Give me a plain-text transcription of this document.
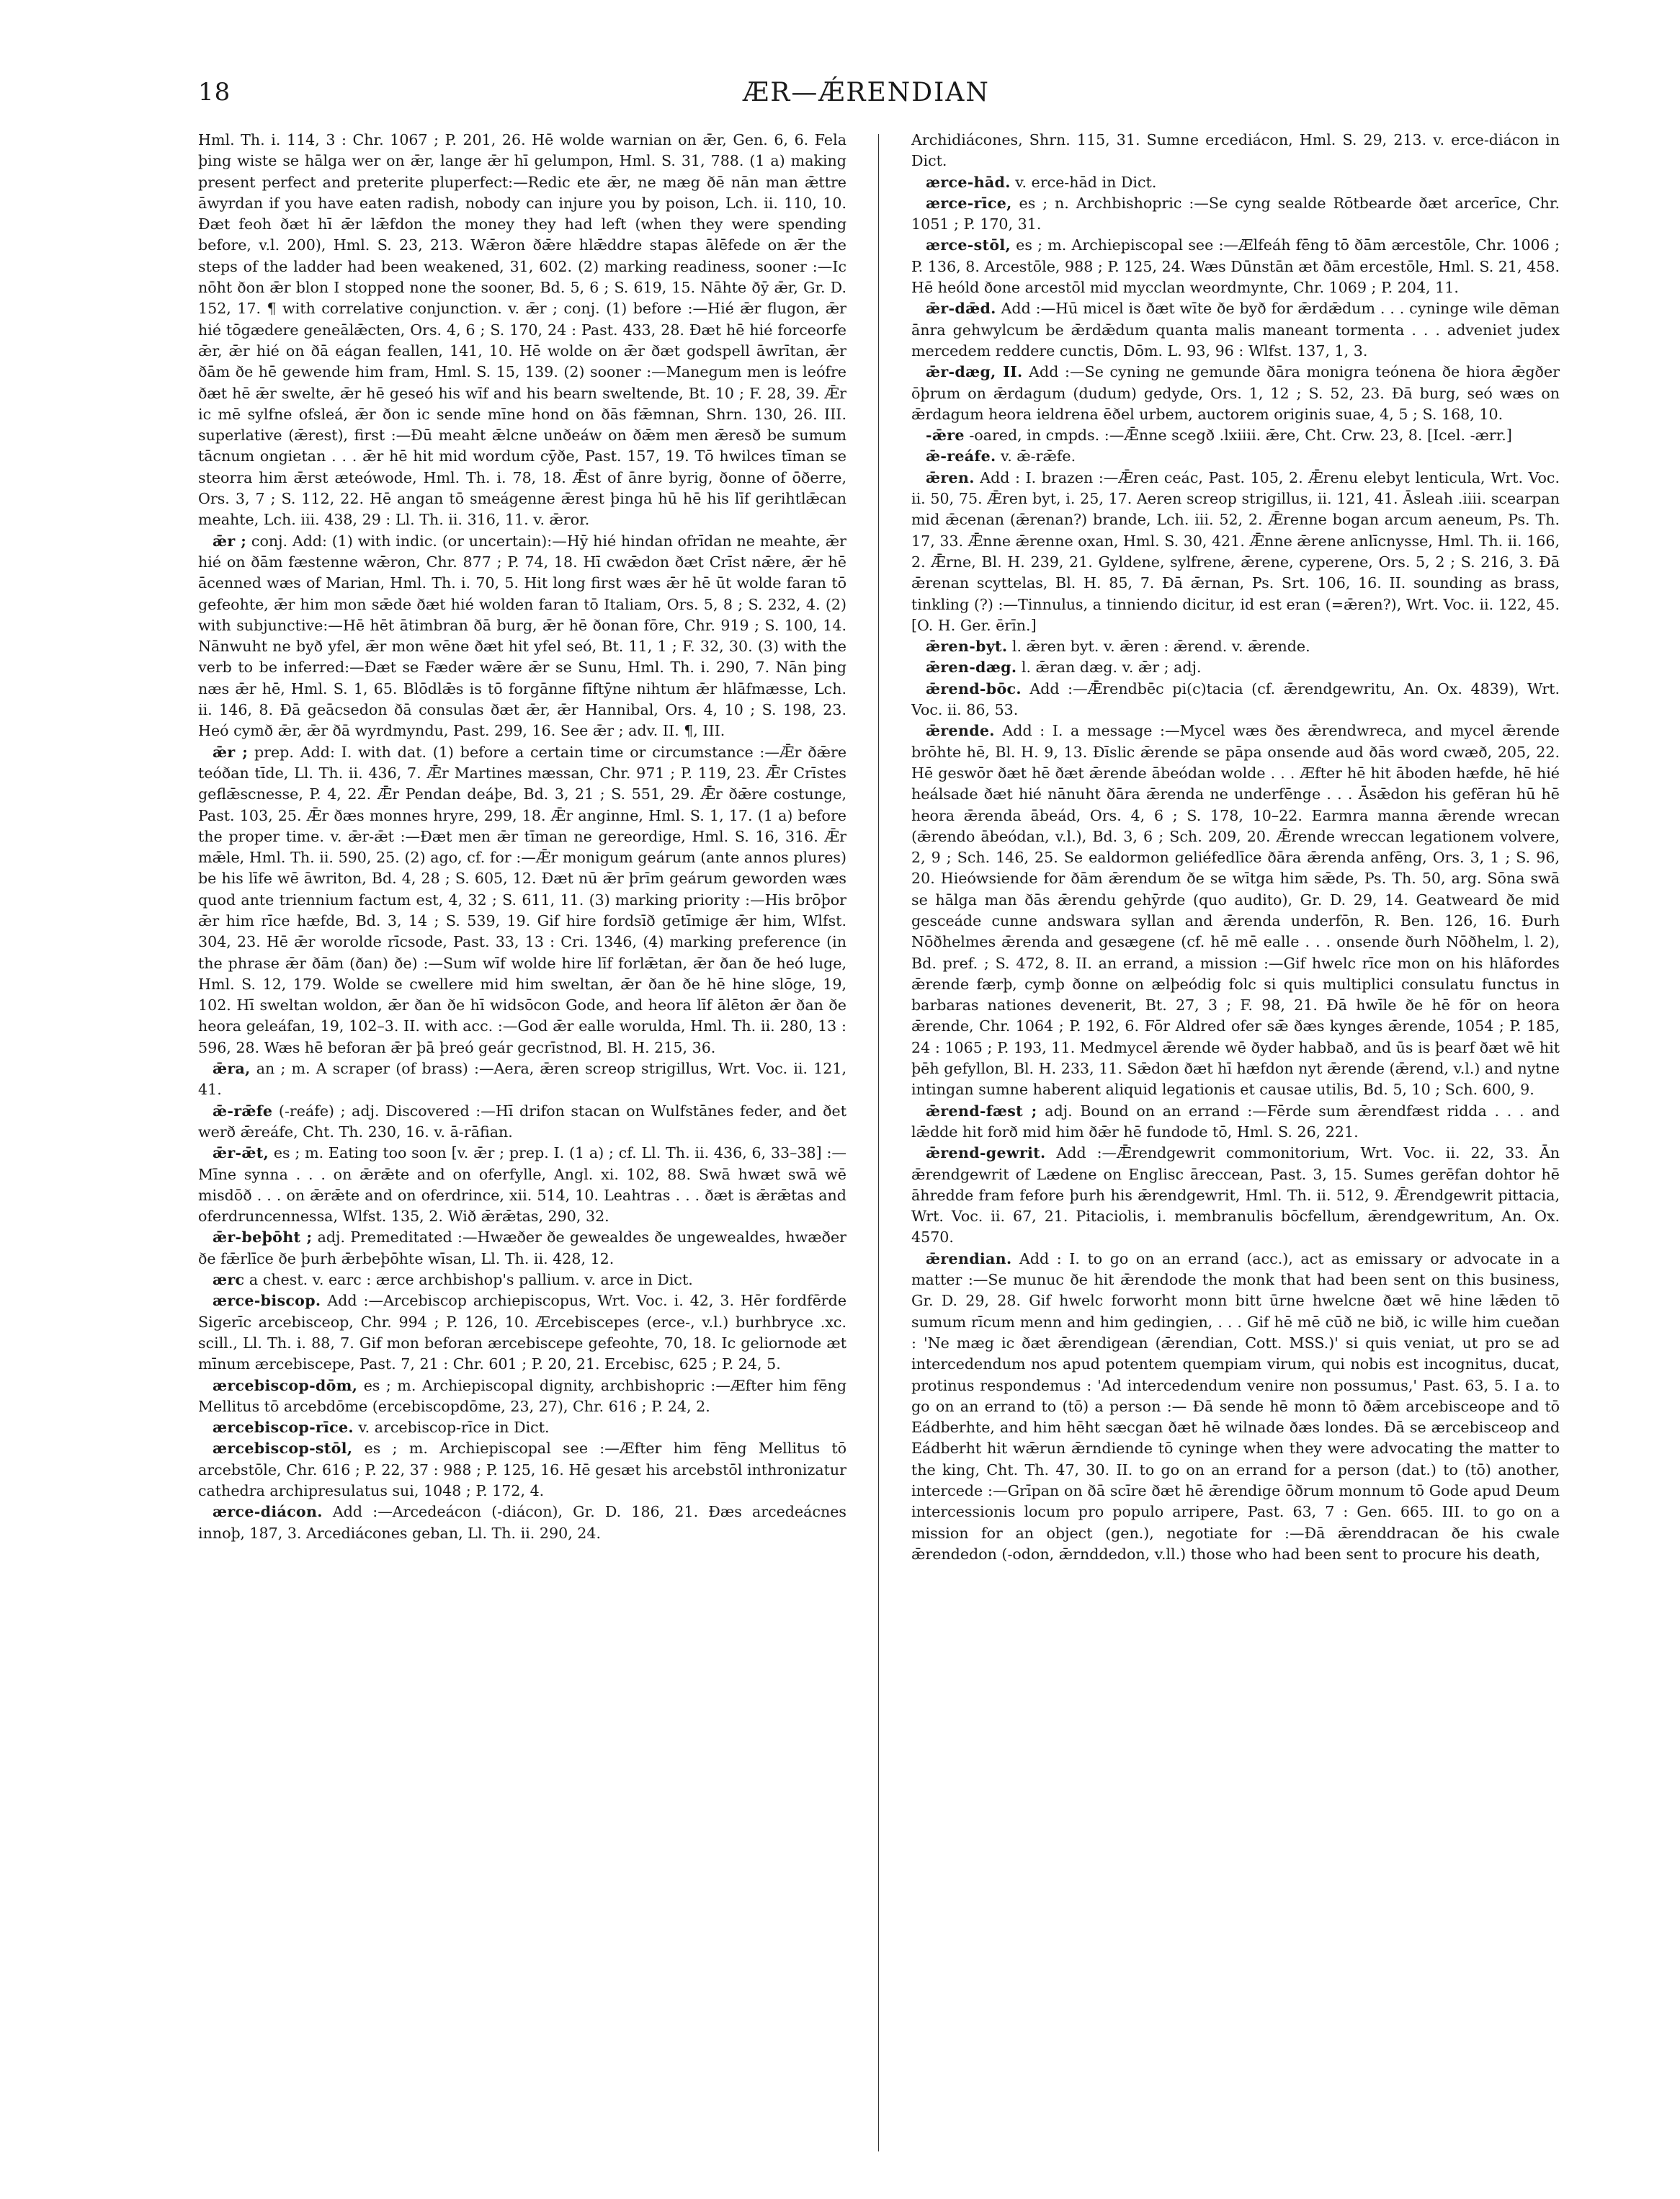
18	ÆR—ǼRENDIAN

Hml. Th. i. 114, 3 : Chr. 1067 ; P. 201, 26. Hē wolde warnian on ǣr, Gen. 6, 6. Fela þing wiste se hālga wer on ǣr, lange ǣr hī gelumpon, Hml. S. 31, 788. (1 a) making present perfect and preterite pluperfect:—Redic ete ǣr, ne mæg ðē nān man ǣttre āwyrdan if you have eaten radish, nobody can injure you by poison, Lch. ii. 110, 10. Ðæt feoh ðæt hī ǣr lǣfdon the money they had left (when they were spending before, v.l. 200), Hml. S. 23, 213. Wǣron ðǣre hlǣddre stapas ālēfede on ǣr the steps of the ladder had been weakened, 31, 602. (2) marking readiness, sooner :—Ic nōht ðon ǣr blon I stopped none the sooner, Bd. 5, 6 ; S. 619, 15. Nāhte ðȳ ǣr, Gr. D. 152, 17. ¶ with correlative conjunction. v. ǣr ; conj. (1) before :—Hié ǣr flugon, ǣr hié tōgædere geneālǣcten, Ors. 4, 6 ; S. 170, 24 : Past. 433, 28. Ðæt hē hié forceorfe ǣr, ǣr hié on ðā eágan feallen, 141, 10. Hē wolde on ǣr ðæt godspell āwrītan, ǣr ðām ðe hē gewende him fram, Hml. S. 15, 139. (2) sooner :—Manegum men is leófre ðæt hē ǣr swelte, ǣr hē geseó his wīf and his bearn sweltende, Bt. 10 ; F. 28, 39. Ǣr ic mē sylfne ofsleá, ǣr ðon ic sende mīne hond on ðās fǣmnan, Shrn. 130, 26. III. superlative (ǣrest), first :—Ðū meaht ǣlcne unðeáw on ðǣm men ǣresð be sumum tācnum ongietan . . . ǣr hē hit mid wordum cȳðe, Past. 157, 19. Tō hwilces tīman se steorra him ǣrst ætеówode, Hml. Th. i. 78, 18. Ǣst of ānre byrig, ðonne of ōðerre, Ors. 3, 7 ; S. 112, 22. Hē angan tō smeágenne ǣrest þinga hū hē his līf gerihtlǣcan meahte, Lch. iii. 438, 29 : Ll. Th. ii. 316, 11. v. ǣror.

ǣr ; conj. Add: (1) with indic. (or uncertain):—Hȳ hié hindan ofrīdan ne meahte, ǣr hié on ðām fæstenne wǣron, Chr. 877 ; P. 74, 18. Hī cwǣdon ðæt Crīst nǣre, ǣr hē ācenned wæs of Marian, Hml. Th. i. 70, 5. Hit long first wæs ǣr hē ūt wolde faran tō gefeohte, ǣr him mon sǣde ðæt hié wolden faran tō Italiam, Ors. 5, 8 ; S. 232, 4. (2) with subjunctive:—Hē hēt ātimbran ðā burg, ǣr hē ðonan fōre, Chr. 919 ; S. 100, 14. Nānwuht ne byð yfel, ǣr mon wēne ðæt hit yfel seó, Bt. 11, 1 ; F. 32, 30. (3) with the verb to be inferred:—Ðæt se Fæder wǣre ǣr se Sunu, Hml. Th. i. 290, 7. Nān þing næs ǣr hē, Hml. S. 1, 65. Blōdlǣs is tō forgānne fīftȳne nihtum ǣr hlāfmæsse, Lch. ii. 146, 8. Ðā geācsedon ðā consulas ðæt ǣr, ǣr Hannibal, Ors. 4, 10 ; S. 198, 23. Heó cymð ǣr, ǣr ðā wyrdmyndu, Past. 299, 16. See ǣr ; adv. II. ¶, III.

ǣr ; prep. Add: I. with dat. (1) before a certain time or circumstance :—Ǣr ðǣre teóðan tīde, Ll. Th. ii. 436, 7. Ǣr Martines mæssan, Chr. 971 ; P. 119, 23. Ǣr Crīstes geflǣscnesse, P. 4, 22. Ǣr Pendan deáþe, Bd. 3, 21 ; S. 551, 29. Ǣr ðǣre costunge, Past. 103, 25. Ǣr ðæs monnes hryre, 299, 18. Ǣr anginne, Hml. S. 1, 17. (1 a) before the proper time. v. ǣr-ǣt :—Ðæt men ǣr tīman ne gereordige, Hml. S. 16, 316. Ǣr mǣle, Hml. Th. ii. 590, 25. (2) ago, cf. for :—Ǣr monigum geárum (ante annos plures) be his līfe wē āwriton, Bd. 4, 28 ; S. 605, 12. Ðæt nū ǣr þrīm geárum geworden wæs quod ante triennium factum est, 4, 32 ; S. 611, 11. (3) marking priority :—His brōþor ǣr him rīce hæfde, Bd. 3, 14 ; S. 539, 19. Gif hire fordsīð getīmige ǣr him, Wlfst. 304, 23. Hē ǣr woroldе rīcsode, Past. 33, 13 : Cri. 1346, (4) marking preference (in the phrase ǣr ðām (ðan) ðe) :—Sum wīf wolde hire līf forlǣtan, ǣr ðan ðe heó luge, Hml. S. 12, 179. Wolde se cwellere mid him sweltan, ǣr ðan ðe hē hine slōge, 19, 102. Hī sweltan woldon, ǣr ðan ðe hī widsōcon Gode, and heora līf ālēton ǣr ðan ðe heora geleáfan, 19, 102–3. II. with acc. :—God ǣr ealle worulda, Hml. Th. ii. 280, 13 : 596, 28. Wæs hē beforan ǣr þā þreó geár gecrīstnod, Bl. H. 215, 36.

ǣra, an ; m. A scraper (of brass) :—Aera, ǣren screop strigillus, Wrt. Voc. ii. 121, 41.

ǣ-rǣfe (-reáfe) ; adj. Discovered :—Hī drifon stacan on Wulfstānes feder, and ðet werð ǣreáfe, Cht. Th. 230, 16. v. ā-rāfian.

ǣr-ǣt, es ; m. Eating too soon [v. ǣr ; prep. I. (1 a) ; cf. Ll. Th. ii. 436, 6, 33–38] :—Mīne synna . . . on ǣrǣte and on oferfylle, Angl. xi. 102, 88. Swā hwæt swā wē misdōð . . . on ǣrǣte and on oferdrince, xii. 514, 10. Leahtras . . . ðæt is ǣrǣtas and oferdruncennessa, Wlfst. 135, 2. Wið ǣrǣtas, 290, 32.

ǣr-beþōht ; adj. Premeditated :—Hwæðer ðe gewealdes ðe ungewealdes, hwæðer ðe fǣrlīce ðe þurh ǣrbeþōhte wīsan, Ll. Th. ii. 428, 12.

ærc a chest. v. earc : ærce archbishop's pallium. v. arce in Dict.

ærce-biscop. Add :—Arcebiscop archiepiscopus, Wrt. Voc. i. 42, 3. Hēr fordfērde Sigerīc arcebisceop, Chr. 994 ; P. 126, 10. Ærcebiscepes (erce-, v.l.) burhbryce .xc. scill., Ll. Th. i. 88, 7. Gif mon beforan ærcebiscepe gefeohte, 70, 18. Ic geliornode æt mīnum ærcebiscepe, Past. 7, 21 : Chr. 601 ; P. 20, 21. Ercebisc, 625 ; P. 24, 5.

ærcebiscop-dōm, es ; m. Archiepiscopal dignity, archbishopric :—Æfter him fēng Mellitus tō arcebdōme (ercebiscopdōme, 23, 27), Chr. 616 ; P. 24, 2.

ærcebiscop-rīce. v. arcebiscop-rīce in Dict.

ærcebiscop-stōl, es ; m. Archiepiscopal see :—Æfter him fēng Mellitus tō arcebstōle, Chr. 616 ; P. 22, 37 : 988 ; P. 125, 16. Hē gesæt his arcebstōl inthronizatur cathedra archipresulatus sui, 1048 ; P. 172, 4.

ærce-diácon. Add :—Arcedeácon (-diácon), Gr. D. 186, 21. Ðæs arcedeácnes innoþ, 187, 3. Arcediácones geban, Ll. Th. ii. 290, 24.

Archidiácones, Shrn. 115, 31. Sumne ercediácon, Hml. S. 29, 213. v. erce-diácon in Dict.

ærce-hād. v. erce-hād in Dict.

ærce-rīce, es ; n. Archbishopric :—Se cyng sealde Rōtbearde ðæt arcerīce, Chr. 1051 ; P. 170, 31.

ærce-stōl, es ; m. Archiepiscopal see :—Ælfeáh fēng tō ðām ærcestōle, Chr. 1006 ; P. 136, 8. Arcestōle, 988 ; P. 125, 24. Wæs Dūnstān æt ðām ercestōle, Hml. S. 21, 458. Hē heóld ðone arcestōl mid mycclan weordmynte, Chr. 1069 ; P. 204, 11.

ǣr-dǣd. Add :—Hū micel is ðæt wīte ðe byð for ǣrdǣdum . . . cyninge wile dēman ānra gehwylcum be ǣrdǣdum quanta malis maneant tormenta . . . adveniet judex mercedem reddere cunctis, Dōm. L. 93, 96 : Wlfst. 137, 1, 3.

ǣr-dæg, II. Add :—Se cyning ne gemunde ðāra monigra teónena ðe hiora ǣgðer ōþrum on ǣrdagum (dudum) gedyde, Ors. 1, 12 ; S. 52, 23. Ðā burg, seó wæs on ǣrdagum heora ieldrena ēðel urbem, auctorem originis suae, 4, 5 ; S. 168, 10.

-ǣre -oared, in cmpds. :—Ǣnne scegð .lxiiii. ǣre, Cht. Crw. 23, 8. [Icel. -ærr.]

ǣ-reáfe. v. ǣ-rǣfe.

ǣren. Add : I. brazen :—Ǣren ceác, Past. 105, 2. Ǣrenu elebyt lenticula, Wrt. Voc. ii. 50, 75. Ǣren byt, i. 25, 17. Aeren screop strigillus, ii. 121, 41. Āsleah .iiii. scearpan mid ǣcenan (ǣrenan?) brande, Lch. iii. 52, 2. Ǣrenne bogan arcum aeneum, Ps. Th. 17, 33. Ǣnne ǣrenne oxan, Hml. S. 30, 421. Ǣnne ǣrene anlīcnysse, Hml. Th. ii. 166, 2. Ǣrne, Bl. H. 239, 21. Gyldene, sylfrene, ǣrene, cyperene, Ors. 5, 2 ; S. 216, 3. Ðā ǣrenan scyttelas, Bl. H. 85, 7. Ðā ǣrnan, Ps. Srt. 106, 16. II. sounding as brass, tinkling (?) :—Tinnulus, a tinniendo dicitur, id est eran (=ǣren?), Wrt. Voc. ii. 122, 45. [O. H. Ger. ērīn.]

ǣren-byt. l. ǣren byt. v. ǣren : ǣrend. v. ǣrende.

ǣren-dæg. l. ǣran dæg. v. ǣr ; adj.

ǣrend-bōc. Add :—Ǣrendbēc pi(c)tacia (cf. ǣrendgewritu, An. Ox. 4839), Wrt. Voc. ii. 86, 53.

ǣrende. Add : I. a message :—Mycel wæs ðes ǣrendwreca, and mycel ǣrende brōhte hē, Bl. H. 9, 13. Ðīslic ǣrende se pāpa onsende aud ðās word cwæð, 205, 22. Hē geswōr ðæt hē ðæt ǣrende ābeódan wolde . . . Æfter hē hit āboden hæfde, hē hié heálsade ðæt hié nānuht ðāra ǣrenda ne underfēnge . . . Āsǣdon his gefēran hū hē heora ǣrenda ābeád, Ors. 4, 6 ; S. 178, 10–22. Earmra manna ǣrende wrecan (ǣrendo ābeódan, v.l.), Bd. 3, 6 ; Sch. 209, 20. Ǣrende wreccan legationem volvere, 2, 9 ; Sch. 146, 25. Se ealdormon geliéfedlīce ðāra ǣrenda anfēng, Ors. 3, 1 ; S. 96, 20. Hieówsiende for ðām ǣrendum ðe se wītga him sǣde, Ps. Th. 50, arg. Sōna swā se hālga man ðās ǣrendu gehȳrde (quo audito), Gr. D. 29, 14. Geatweard ðe mid gesceáde cunne andswara syllan and ǣrenda underfōn, R. Ben. 126, 16. Ðurh Nōðhelmes ǣrenda and gesægene (cf. hē mē ealle . . . onsende ðurh Nōðhelm, l. 2), Bd. pref. ; S. 472, 8. II. an errand, a mission :—Gif hwelc rīce mon on his hlāfordes ǣrende færþ, cymþ ðonne on ælþeódig folc si quis multiplici consulatu functus in barbaras nationes devenerit, Bt. 27, 3 ; F. 98, 21. Ðā hwīle ðe hē fōr on heora ǣrende, Chr. 1064 ; P. 192, 6. Fōr Aldred ofer sǣ ðæs kynges ǣrende, 1054 ; P. 185, 24 : 1065 ; P. 193, 11. Medmycel ǣrende wē ðyder habbað, and ūs is þearf ðæt wē hit þēh gefyllon, Bl. H. 233, 11. Sǣdon ðæt hī hæfdon nyt ǣrende (ǣrend, v.l.) and nytne intingan sumne haberent aliquid legationis et causae utilis, Bd. 5, 10 ; Sch. 600, 9.

ǣrend-fæst ; adj. Bound on an errand :—Fērde sum ǣrendfæst ridda . . . and lǣdde hit forð mid him ðǣr hē fundode tō, Hml. S. 26, 221.

ǣrend-gewrit. Add :—Ǣrendgewrit commonitorium, Wrt. Voc. ii. 22, 33. Ān ǣrendgewrit of Lædene on Englisc āreccean, Past. 3, 15. Sumes gerēfan dohtor hē āhredde fram fefore þurh his ǣrendgewrit, Hml. Th. ii. 512, 9. Ǣrendgewrit pittacia, Wrt. Voc. ii. 67, 21. Pitaciolis, i. membranulis bōcfellum, ǣrendgewritum, An. Ox. 4570.

ǣrendian. Add : I. to go on an errand (acc.), act as emissary or advocate in a matter :—Se munuc ðe hit ǣrendode the monk that had been sent on this business, Gr. D. 29, 28. Gif hwelc forworht monn bitt ūrne hwelcne ðæt wē hine lǣden tō sumum rīcum menn and him gedingien, . . . Gif hē mē cūð ne bið, ic wille him cueðan : 'Ne mæg ic ðæt ǣrendigean (ǣrendian, Cott. MSS.)' si quis veniat, ut pro se ad intercedendum nos apud potentem quempiam virum, qui nobis est incognitus, ducat, protinus respondemus : 'Ad intercedendum venire non possumus,' Past. 63, 5. I a. to go on an errand to (tō) a person :— Ðā sende hē monn tō ðǣm arcebisceope and tō Eádberhte, and him hēht sæcgan ðæt hē wilnade ðæs londes. Ðā se ærcebisceop and Eádberht hit wǣrun ǣrndiende tō cyninge when they were advocating the matter to the king, Cht. Th. 47, 30. II. to go on an errand for a person (dat.) to (tō) another, intercede :—Grīpan on ðā scīre ðæt hē ǣrendige ōðrum monnum tō Gode apud Deum intercessionis locum pro populo arripere, Past. 63, 7 : Gen. 665. III. to go on a mission for an object (gen.), negotiate for :—Ðā ǣrenddracan ðe his cwale ǣrendedon (-odon, ǣrnddedon, v.ll.) those who had been sent to procure his death,
